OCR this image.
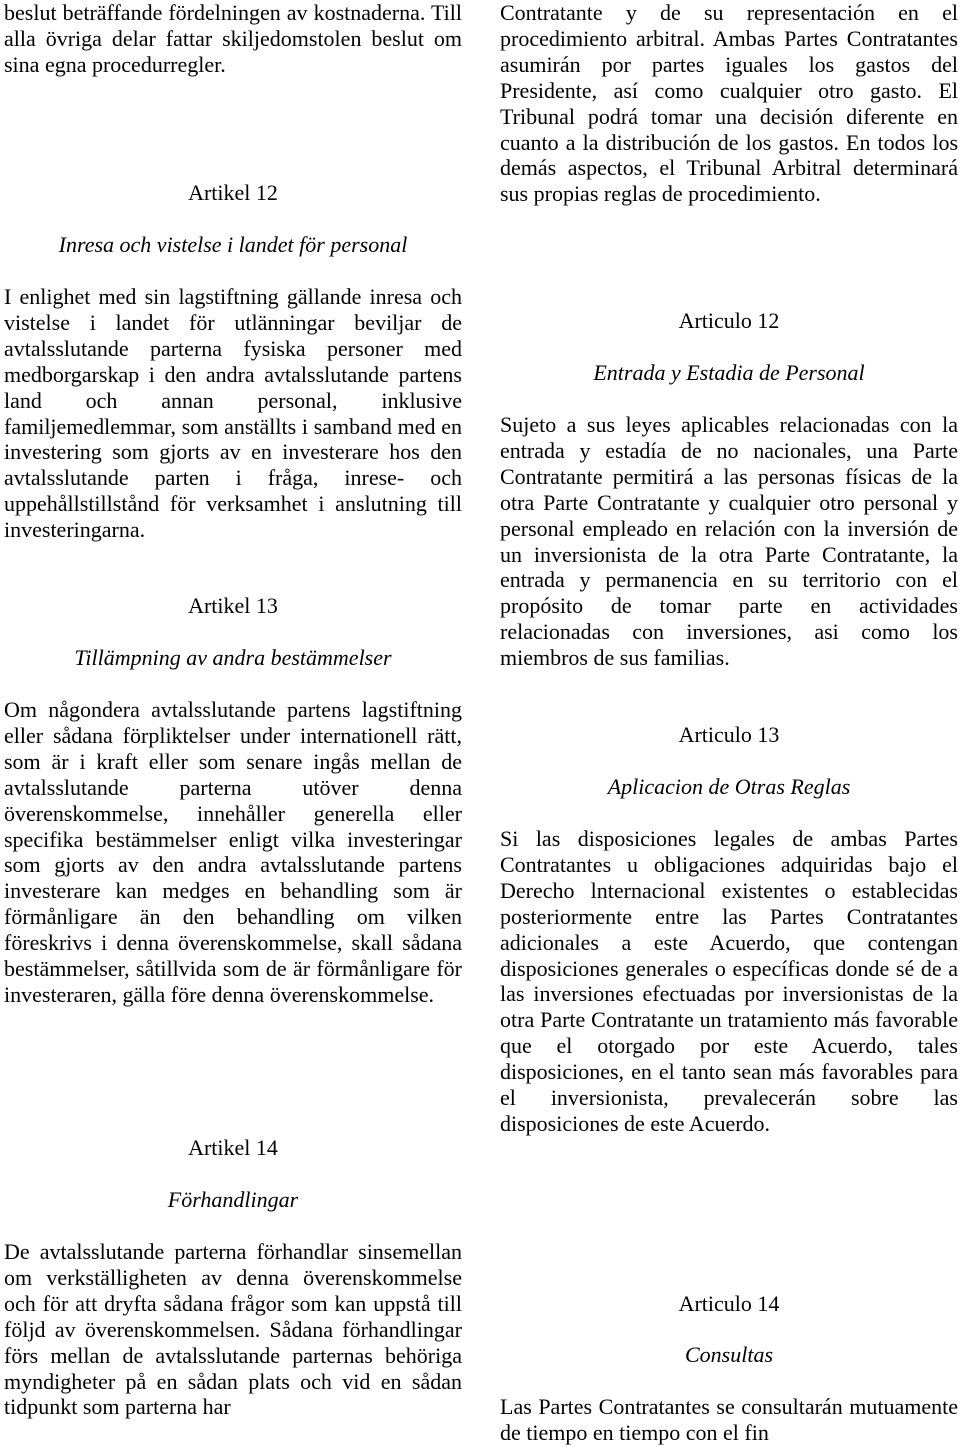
beslut beträffande fördelningen av kostnaderna. Till alla övriga delar fattar skiljedomstolen beslut om sina egna procedurregler.

Artikel 12

Inresa och vistelse i landet för personal

I enlighet med sin lagstiftning gällande inresa och vistelse i landet för utlänningar beviljar de avtalsslutande parterna fysiska personer med medborgarskap i den andra avtalsslutande partens land och annan personal, inklusive familjemedlemmar, som anställts i samband med en investering som gjorts av en investerare hos den avtalsslutande parten i fråga, inrese- och uppehållstillstånd för verksamhet i anslutning till investeringarna.

Artikel 13

Tillämpning av andra bestämmelser

Om någondera avtalsslutande partens lagstiftning eller sådana förpliktelser under internationell rätt, som är i kraft eller som senare ingås mellan de avtalsslutande parterna utöver denna överenskommelse, innehåller generella eller specifika bestämmelser enligt vilka investeringar som gjorts av den andra avtalsslutande partens investerare kan medges en behandling som är förmånligare än den behandling om vilken föreskrivs i denna överenskommelse, skall sådana bestämmelser, såtillvida som de är förmånligare för investeraren, gälla före denna överenskommelse.

Artikel 14

Förhandlingar

De avtalsslutande parterna förhandlar sinsemellan om verkställigheten av denna överenskommelse och för att dryfta sådana frågor som kan uppstå till följd av överenskommelsen. Sådana förhandlingar förs mellan de avtalsslutande parternas behöriga myndigheter på en sådan plats och vid en sådan tidpunkt som parterna har

Contratante y de su representación en el procedimiento arbitral. Ambas Partes Contratantes asumirán por partes iguales los gastos del Presidente, así como cualquier otro gasto. El Tribunal podrá tomar una decisión diferente en cuanto a la distribución de los gastos. En todos los demás aspectos, el Tribunal Arbitral determinará sus propias reglas de procedimiento.

Articulo 12

Entrada y Estadia de Personal

Sujeto a sus leyes aplicables relacionadas con la entrada y estadía de no nacionales, una Parte Contratante permitirá a las personas físicas de la otra Parte Contratante y cualquier otro personal y personal empleado en relación con la inversión de un inversionista de la otra Parte Contratante, la entrada y permanencia en su territorio con el propósito de tomar parte en actividades relacionadas con inversiones, asi como los miembros de sus familias.

Articulo 13

Aplicacion de Otras Reglas

Si las disposiciones legales de ambas Partes Contratantes u obligaciones adquiridas bajo el Derecho lnternacional existentes o establecidas posteriormente entre las Partes Contratantes adicionales a este Acuerdo, que contengan disposiciones generales o específicas donde sé de a las inversiones efectuadas por inversionistas de la otra Parte Contratante un tratamiento más favorable que el otorgado por este Acuerdo, tales disposiciones, en el tanto sean más favorables para el inversionista, prevalecerán sobre las disposiciones de este Acuerdo.

Articulo 14

Consultas

Las Partes Contratantes se consultarán mutuamente de tiempo en tiempo con el fin
